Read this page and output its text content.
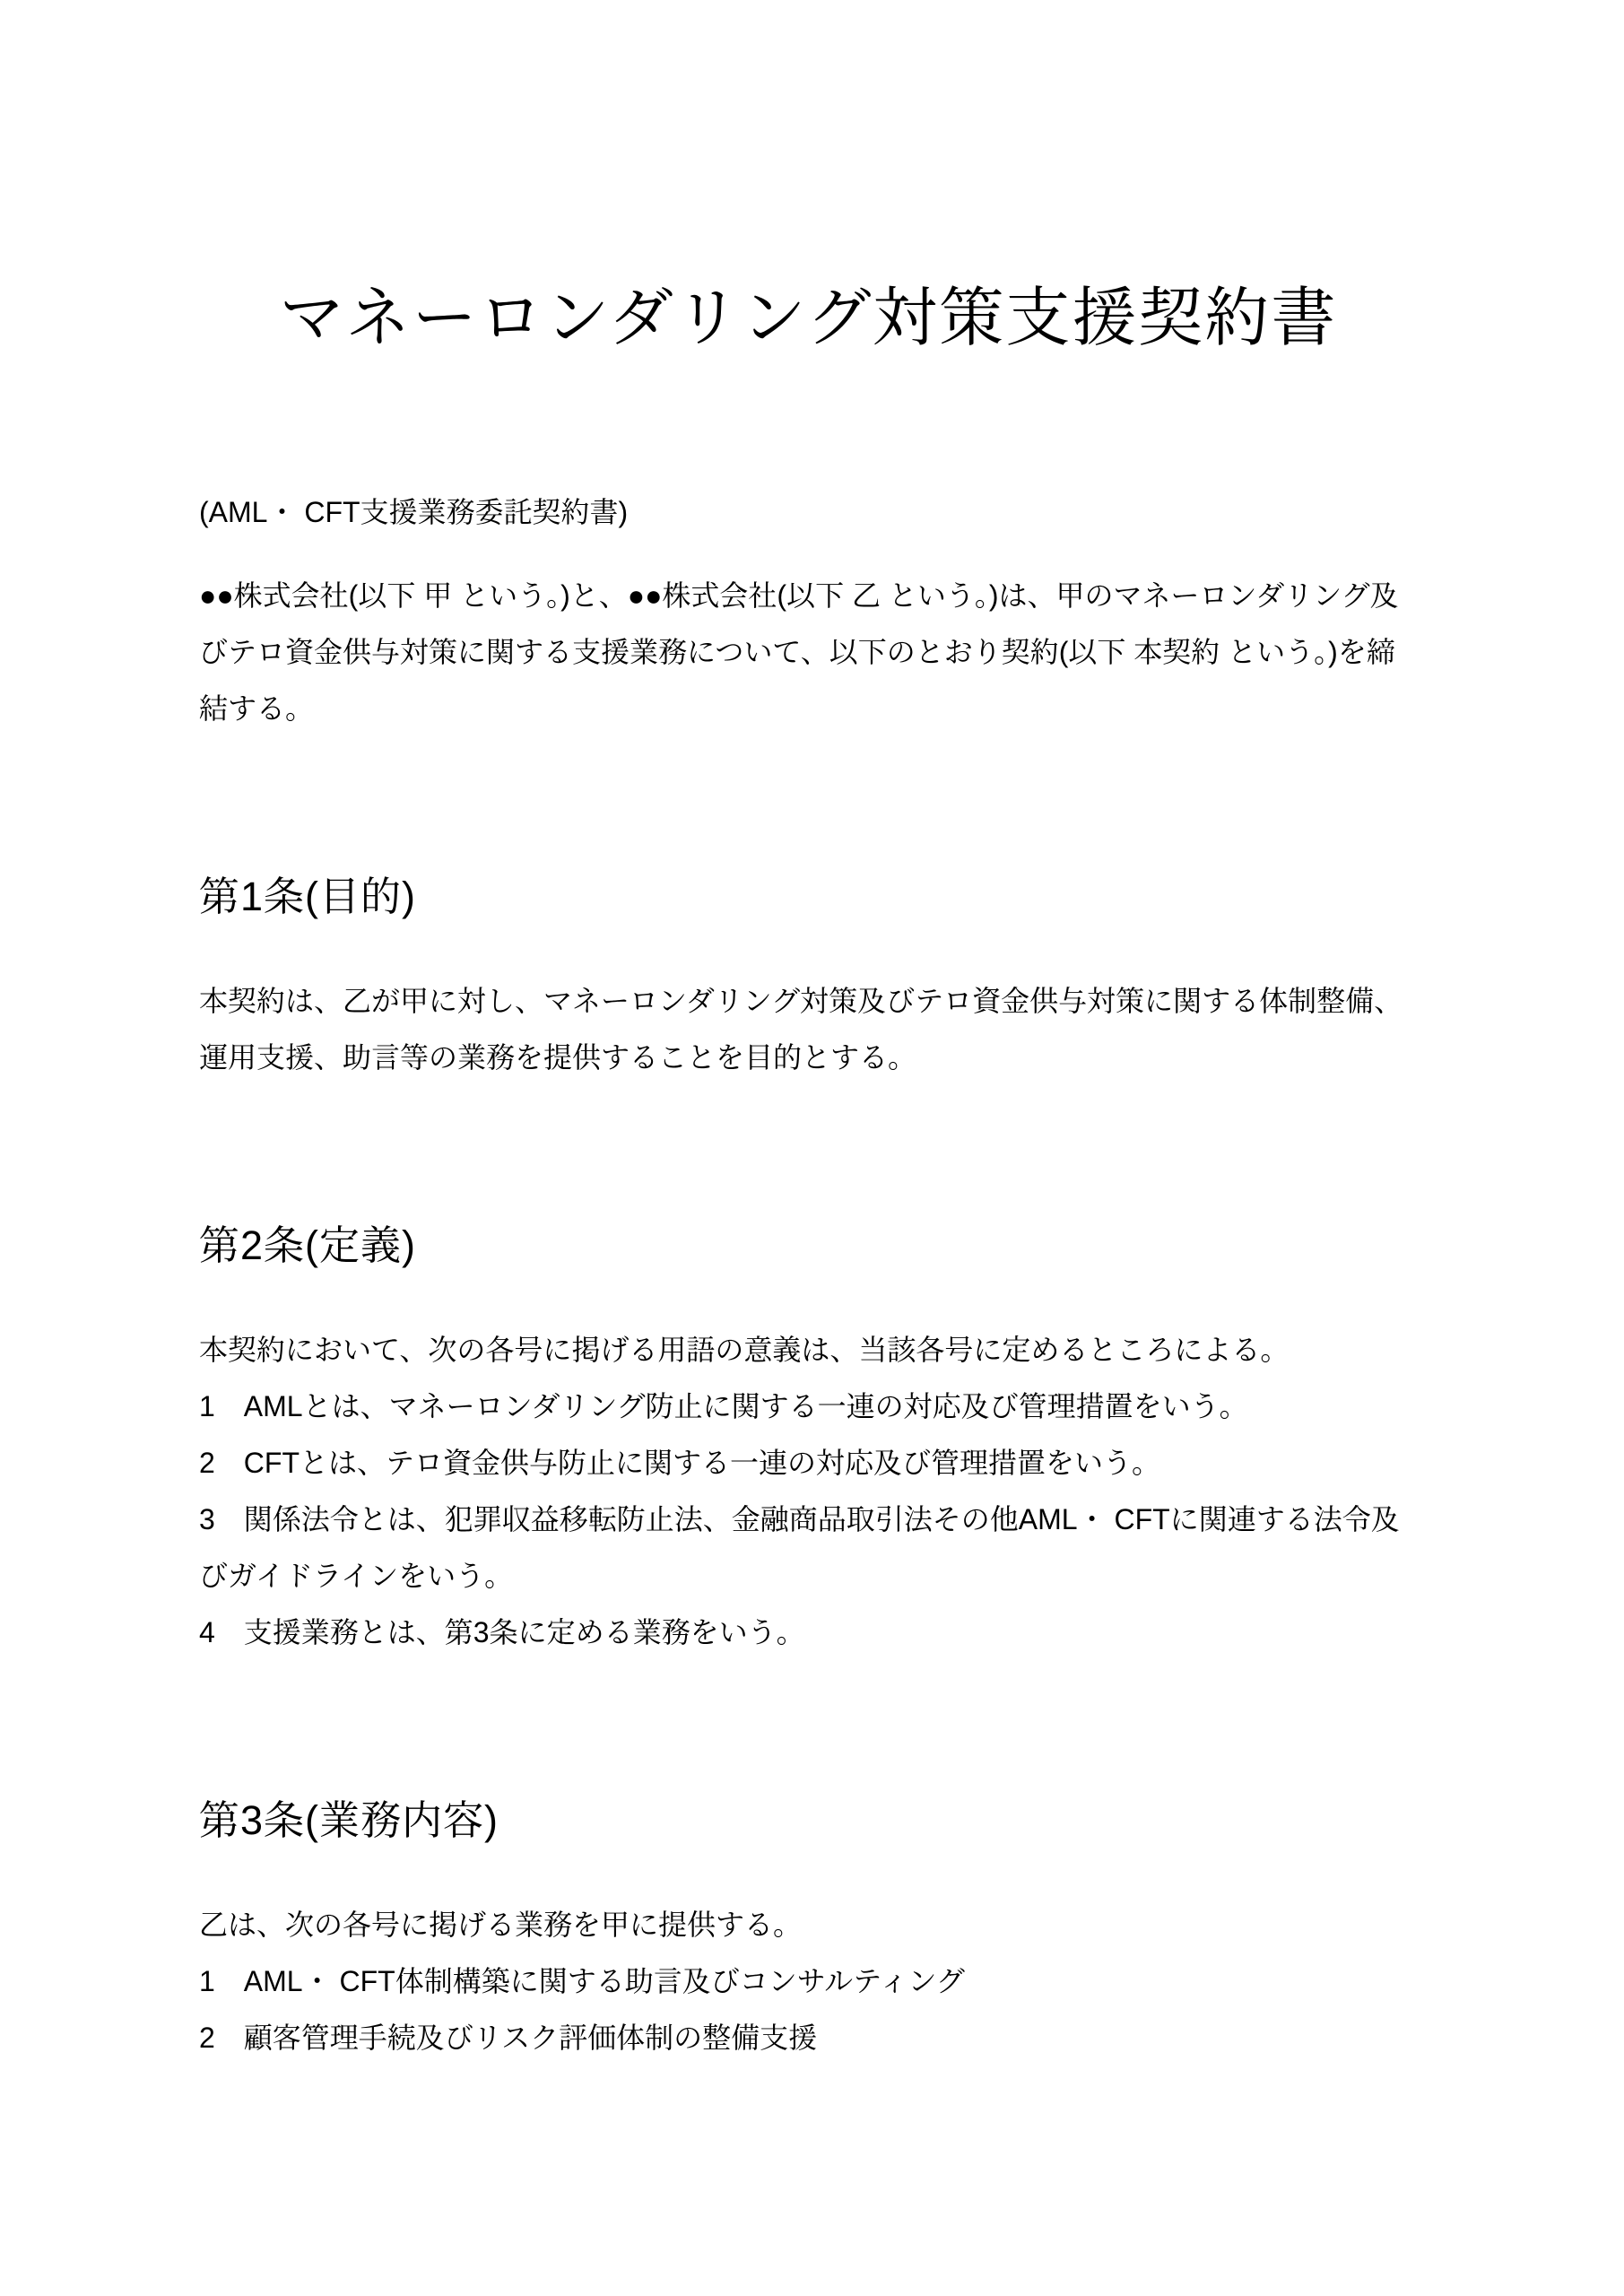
マネーロンダリング対策支援契約書

(AML・ CFT支援業務委託契約書)

●●株式会社(以下 甲 という。)と、●●株式会社(以下 乙 という。)は、甲のマネーロンダリング及びテロ資金供与対策に関する支援業務について、以下のとおり契約(以下 本契約 という。)を締結する。

第1条(目的)

本契約は、乙が甲に対し、マネーロンダリング対策及びテロ資金供与対策に関する体制整備、運用支援、助言等の業務を提供することを目的とする。

第2条(定義)

本契約において、次の各号に掲げる用語の意義は、当該各号に定めるところによる。

1　AMLとは、マネーロンダリング防止に関する一連の対応及び管理措置をいう。

2　CFTとは、テロ資金供与防止に関する一連の対応及び管理措置をいう。

3　関係法令とは、犯罪収益移転防止法、金融商品取引法その他AML・ CFTに関連する法令及びガイドラインをいう。

4　支援業務とは、第3条に定める業務をいう。

第3条(業務内容)

乙は、次の各号に掲げる業務を甲に提供する。

1　AML・ CFT体制構築に関する助言及びコンサルティング

2　顧客管理手続及びリスク評価体制の整備支援
